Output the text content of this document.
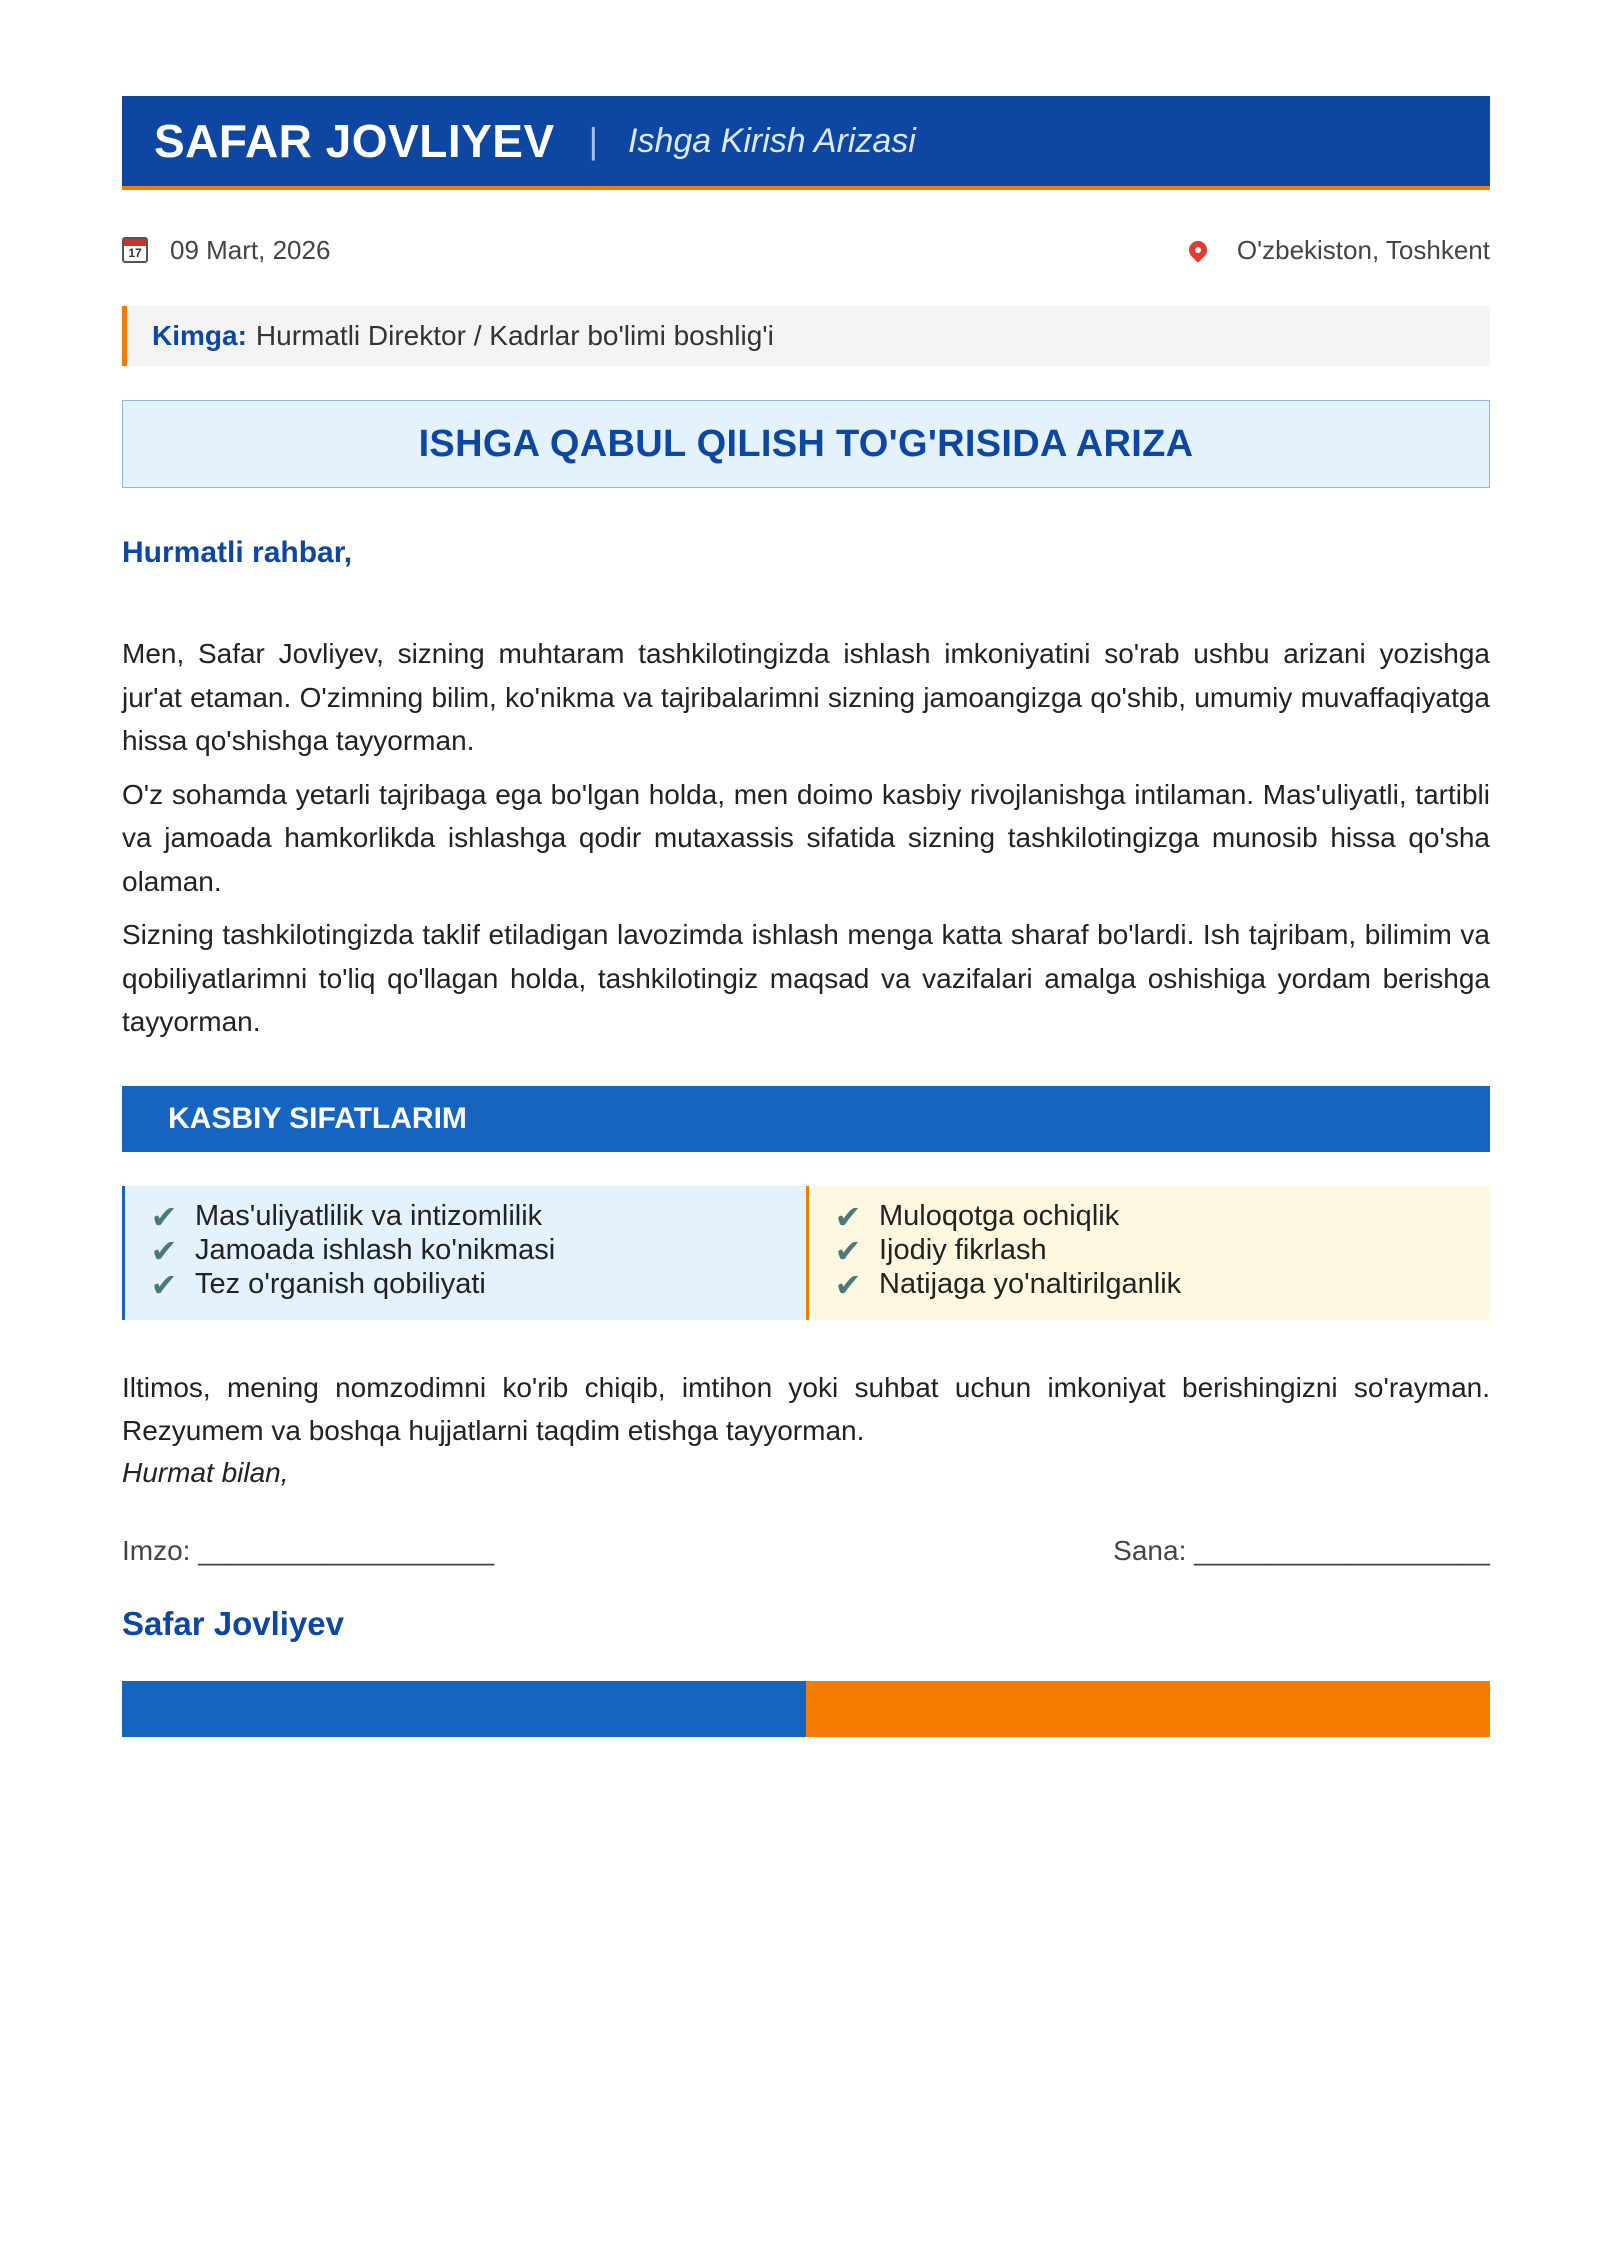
SAFAR JOVLIYEV | Ishga Kirish Arizasi
17 09 Mart, 2026	O'zbekiston, Toshkent
Kimga: Hurmatli Direktor / Kadrlar bo'limi boshlig'i
ISHGA QABUL QILISH TO'G'RISIDA ARIZA
Hurmatli rahbar,

Men, Safar Jovliyev, sizning muhtaram tashkilotingizda ishlash imkoniyatini so'rab ushbu arizani yozishga jur'at etaman. O'zimning bilim, ko'nikma va tajribalarimni sizning jamoangizga qo'shib, umumiy muvaffaqiyatga hissa qo'shishga tayyorman.

O'z sohamda yetarli tajribaga ega bo'lgan holda, men doimo kasbiy rivojlanishga intilaman. Mas'uliyatli, tartibli va jamoada hamkorlikda ishlashga qodir mutaxassis sifatida sizning tashkilotingizga munosib hissa qo'sha olaman.

Sizning tashkilotingizda taklif etiladigan lavozimda ishlash menga katta sharaf bo'lardi. Ish tajribam, bilimim va qobiliyatlarimni to'liq qo'llagan holda, tashkilotingiz maqsad va vazifalari amalga oshishiga yordam berishga tayyorman.

KASBIY SIFATLARIM
✔ Mas'uliyatlilik va intizomlilik
✔ Jamoada ishlash ko'nikmasi
✔ Tez o'rganish qobiliyati
✔ Muloqotga ochiqlik
✔ Ijodiy fikrlash
✔ Natijaga yo'naltirilganlik

Iltimos, mening nomzodimni ko'rib chiqib, imtihon yoki suhbat uchun imkoniyat berishingizni so'rayman. Rezyumem va boshqa hujjatlarni taqdim etishga tayyorman.

Hurmat bilan,
Imzo: ___________________	Sana: ___________________
Safar Jovliyev
